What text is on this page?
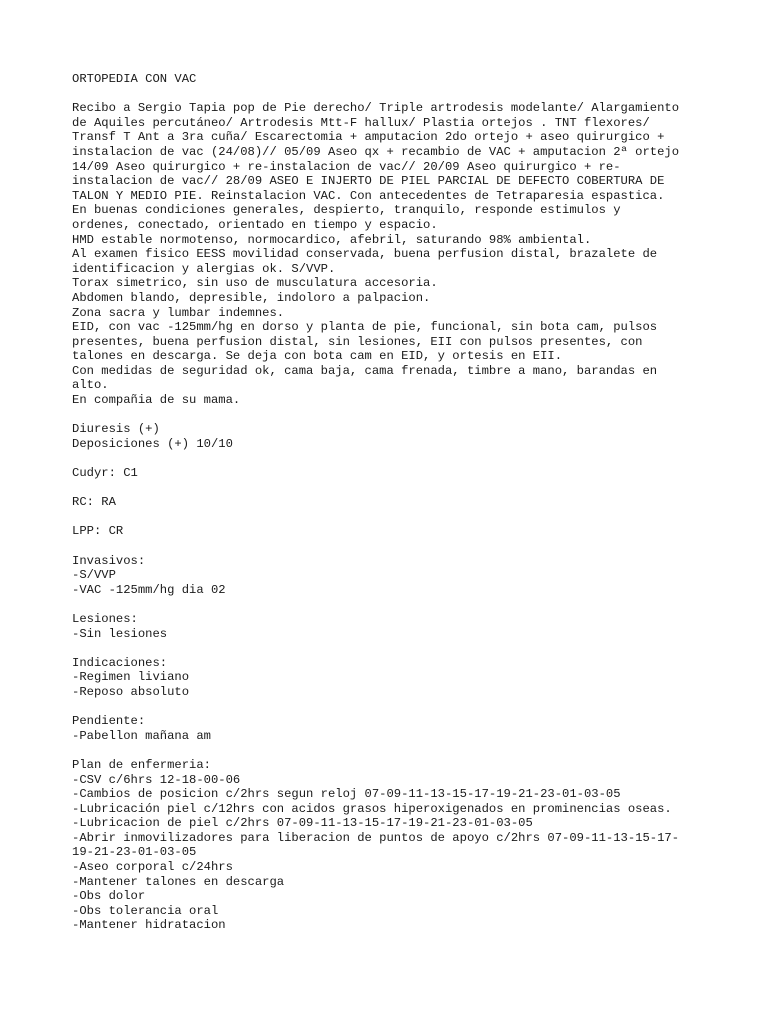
ORTOPEDIA CON VAC
Recibo a Sergio Tapia pop de Pie derecho/ Triple artrodesis modelante/ Alargamiento
de Aquiles percutáneo/ Artrodesis Mtt-F hallux/ Plastia ortejos . TNT flexores/
Transf T Ant a 3ra cuña/ Escarectomia + amputacion 2do ortejo + aseo quirurgico +
instalacion de vac (24/08)// 05/09 Aseo qx + recambio de VAC + amputacion 2ª ortejo
14/09 Aseo quirurgico + re-instalacion de vac// 20/09 Aseo quirurgico + re-
instalacion de vac// 28/09 ASEO E INJERTO DE PIEL PARCIAL DE DEFECTO COBERTURA DE
TALON Y MEDIO PIE. Reinstalacion VAC. Con antecedentes de Tetraparesia espastica.
En buenas condiciones generales, despierto, tranquilo, responde estimulos y
ordenes, conectado, orientado en tiempo y espacio.
HMD estable normotenso, normocardico, afebril, saturando 98% ambiental.
Al examen fisico EESS movilidad conservada, buena perfusion distal, brazalete de
identificacion y alergias ok. S/VVP.
Torax simetrico, sin uso de musculatura accesoria.
Abdomen blando, depresible, indoloro a palpacion.
Zona sacra y lumbar indemnes.
EID, con vac -125mm/hg en dorso y planta de pie, funcional, sin bota cam, pulsos
presentes, buena perfusion distal, sin lesiones, EII con pulsos presentes, con
talones en descarga. Se deja con bota cam en EID, y ortesis en EII.
Con medidas de seguridad ok, cama baja, cama frenada, timbre a mano, barandas en
alto.
En compañia de su mama.
Diuresis (+)
Deposiciones (+) 10/10
Cudyr: C1
RC: RA
LPP: CR
Invasivos:
-S/VVP
-VAC -125mm/hg dia 02
Lesiones:
-Sin lesiones
Indicaciones:
-Regimen liviano
-Reposo absoluto
Pendiente:
-Pabellon mañana am
Plan de enfermeria:
-CSV c/6hrs 12-18-00-06
-Cambios de posicion c/2hrs segun reloj 07-09-11-13-15-17-19-21-23-01-03-05
-Lubricación piel c/12hrs con acidos grasos hiperoxigenados en prominencias oseas.
-Lubricacion de piel c/2hrs 07-09-11-13-15-17-19-21-23-01-03-05
-Abrir inmovilizadores para liberacion de puntos de apoyo c/2hrs 07-09-11-13-15-17-
19-21-23-01-03-05
-Aseo corporal c/24hrs
-Mantener talones en descarga
-Obs dolor
-Obs tolerancia oral
-Mantener hidratacion
